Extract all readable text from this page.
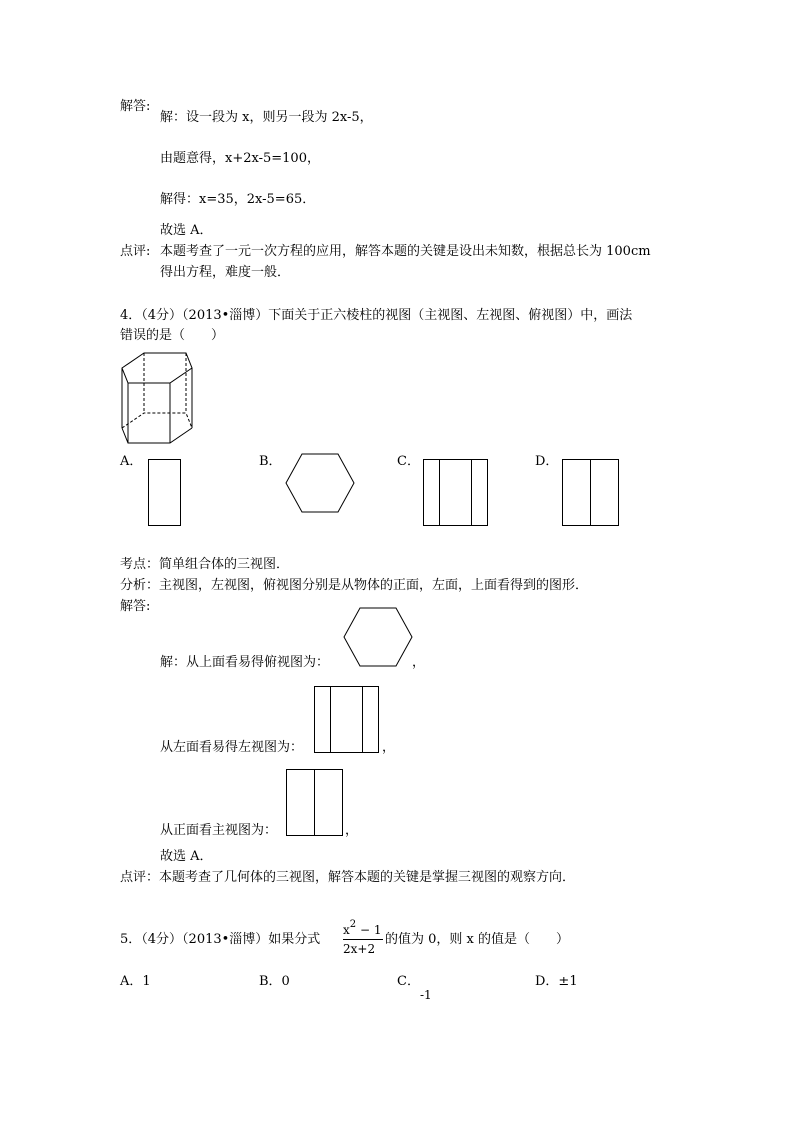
解答:
解：设一段为 x，则另一段为 2x-5，
由题意得，x+2x-5=100，
解得：x=35，2x-5=65．
故选 A．
点评: 本题考查了一元一次方程的应用，解答本题的关键是设出未知数，根据总长为 100cm
得出方程，难度一般．
4．（4分）（2013•淄博）下面关于正六棱柱的视图（主视图、左视图、俯视图）中，画法
错误的是（　　）
A．	B．	C．	D．
考点：简单组合体的三视图．
分析：主视图，左视图，俯视图分别是从物体的正面，左面，上面看得到的图形．
解答:
解：从上面看易得俯视图为：	，
从左面看易得左视图为：	，
从正面看主视图为：	，
故选 A．
点评：本题考查了几何体的三视图，解答本题的关键是掌握三视图的观察方向．
5．（4分）（2013•淄博）如果分式
$x^2 - 1$
2x+2
的值为 0，则 x 的值是（　　）
A．1	B．0	C．
-1
D．±1
